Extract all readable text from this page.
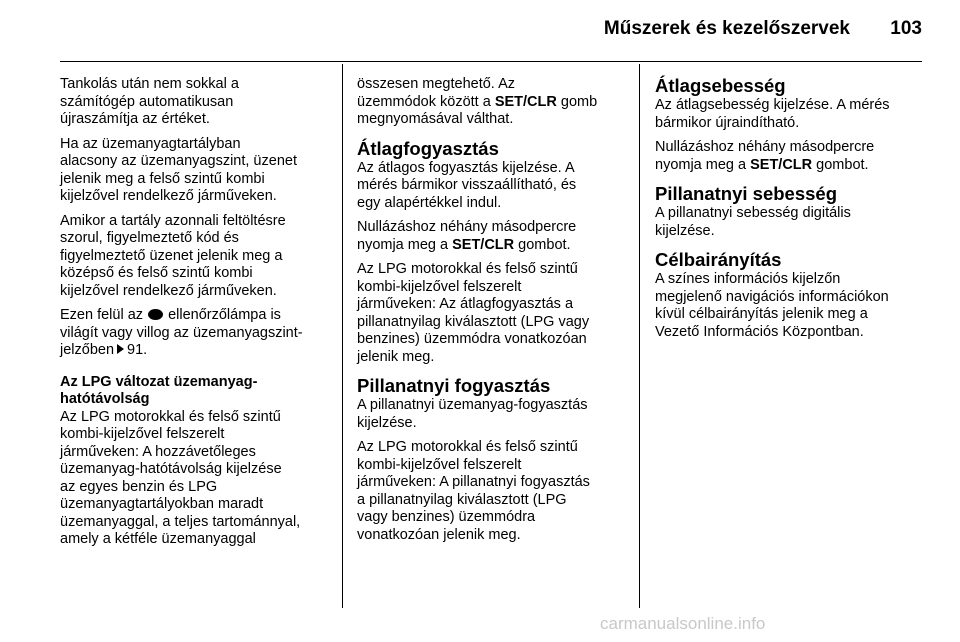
Műszerek és kezelőszervek	103

Tankolás után nem sokkal a
számítógép automatikusan
újraszámítja az értéket.

Ha az üzemanyagtartályban
alacsony az üzemanyagszint, üzenet
jelenik meg a felső szintű kombi
kijelzővel rendelkező járműveken.

Amikor a tartály azonnali feltöltésre
szorul, figyelmeztető kód és
figyelmeztető üzenet jelenik meg a
középső és felső szintű kombi
kijelzővel rendelkező járműveken.

Ezen felül az ellenőrzőlámpa is
világít vagy villog az üzemanyagszint-
jelzőben 91.

Az LPG változat üzemanyag-
hatótávolság

Az LPG motorokkal és felső szintű
kombi-kijelzővel felszerelt
járműveken: A hozzávetőleges
üzemanyag-hatótávolság kijelzése
az egyes benzin és LPG
üzemanyagtartályokban maradt
üzemanyaggal, a teljes tartománnyal,
amely a kétféle üzemanyaggal

összesen megtehető. Az
üzemmódok között a SET/CLR gomb
megnyomásával válthat.

Átlagfogyasztás

Az átlagos fogyasztás kijelzése. A
mérés bármikor visszaállítható, és
egy alapértékkel indul.

Nullázáshoz néhány másodpercre
nyomja meg a SET/CLR gombot.

Az LPG motorokkal és felső szintű
kombi-kijelzővel felszerelt
járműveken: Az átlagfogyasztás a
pillanatnyilag kiválasztott (LPG vagy
benzines) üzemmódra vonatkozóan
jelenik meg.

Pillanatnyi fogyasztás

A pillanatnyi üzemanyag-fogyasztás
kijelzése.

Az LPG motorokkal és felső szintű
kombi-kijelzővel felszerelt
járműveken: A pillanatnyi fogyasztás
a pillanatnyilag kiválasztott (LPG
vagy benzines) üzemmódra
vonatkozóan jelenik meg.

Átlagsebesség

Az átlagsebesség kijelzése. A mérés
bármikor újraindítható.

Nullázáshoz néhány másodpercre
nyomja meg a SET/CLR gombot.

Pillanatnyi sebesség

A pillanatnyi sebesség digitális
kijelzése.

Célbairányítás

A színes információs kijelzőn
megjelenő navigációs információkon
kívül célbairányítás jelenik meg a
Vezető Információs Központban.

carmanualsonline.info
